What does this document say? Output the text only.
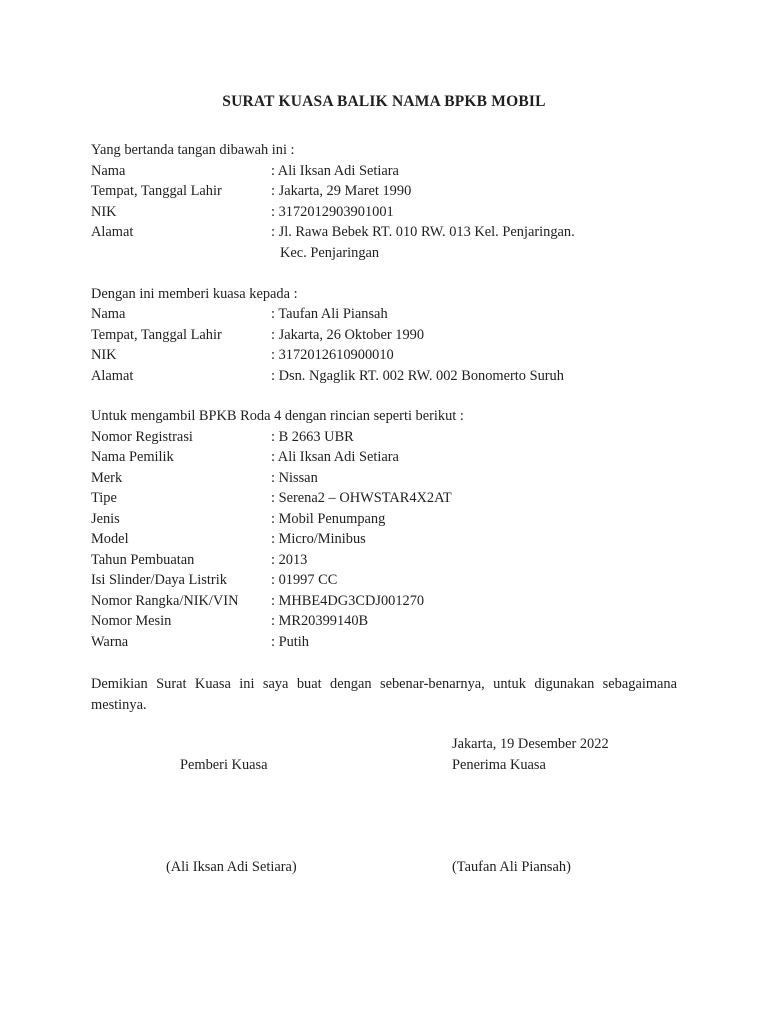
SURAT KUASA BALIK NAMA BPKB MOBIL
Yang bertanda tangan dibawah ini :
Nama	: Ali Iksan Adi Setiara
Tempat, Tanggal Lahir	: Jakarta, 29 Maret 1990
NIK	: 3172012903901001
Alamat	: Jl. Rawa Bebek RT. 010 RW. 013 Kel. Penjaringan.
Kec. Penjaringan
Dengan ini memberi kuasa kepada :
Nama	: Taufan Ali Piansah
Tempat, Tanggal Lahir	: Jakarta, 26 Oktober 1990
NIK	: 3172012610900010
Alamat	: Dsn. Ngaglik RT. 002 RW. 002 Bonomerto Suruh
Untuk mengambil BPKB Roda 4 dengan rincian seperti berikut :
Nomor Registrasi	: B 2663 UBR
Nama Pemilik	: Ali Iksan Adi Setiara
Merk	: Nissan
Tipe	: Serena2 – OHWSTAR4X2AT
Jenis	: Mobil Penumpang
Model	: Micro/Minibus
Tahun Pembuatan	: 2013
Isi Slinder/Daya Listrik	: 01997 CC
Nomor Rangka/NIK/VIN : MHBE4DG3CDJ001270
Nomor Mesin	: MR20399140B
Warna	: Putih
Demikian Surat Kuasa ini saya buat dengan sebenar-benarnya, untuk digunakan sebagaimana mestinya.
Jakarta, 19 Desember 2022
Pemberi Kuasa	Penerima Kuasa
(Ali Iksan Adi Setiara)	(Taufan Ali Piansah)
